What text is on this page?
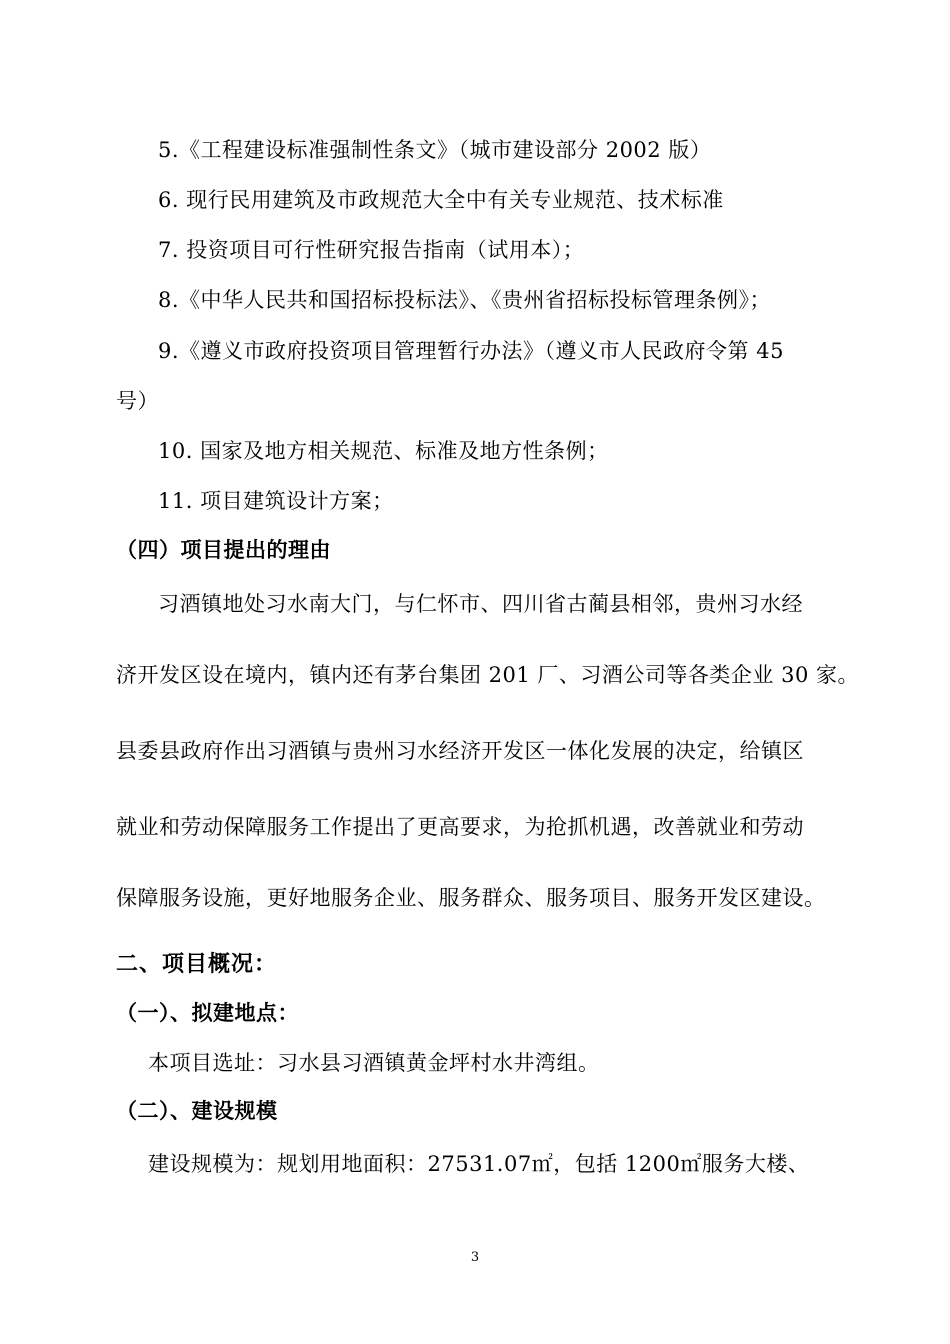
5.《工程建设标准强制性条文》（城市建设部分 2002 版）
6. 现行民用建筑及市政规范大全中有关专业规范、技术标准
7. 投资项目可行性研究报告指南（试用本）；
8.《中华人民共和国招标投标法》、《贵州省招标投标管理条例》；
9.《遵义市政府投资项目管理暂行办法》（遵义市人民政府令第 45
号）
10. 国家及地方相关规范、标准及地方性条例；
11. 项目建筑设计方案；
（四）项目提出的理由
习酒镇地处习水南大门，与仁怀市、四川省古蔺县相邻，贵州习水经
济开发区设在境内，镇内还有茅台集团 201 厂、习酒公司等各类企业 30 家。
县委县政府作出习酒镇与贵州习水经济开发区一体化发展的决定，给镇区
就业和劳动保障服务工作提出了更高要求，为抢抓机遇，改善就业和劳动
保障服务设施，更好地服务企业、服务群众、服务项目、服务开发区建设。
二、项目概况：
（一）、拟建地点：
本项目选址：习水县习酒镇黄金坪村水井湾组。
（二）、建设规模
建设规模为：规划用地面积：27531.07㎡，包括 1200㎡服务大楼、
3
